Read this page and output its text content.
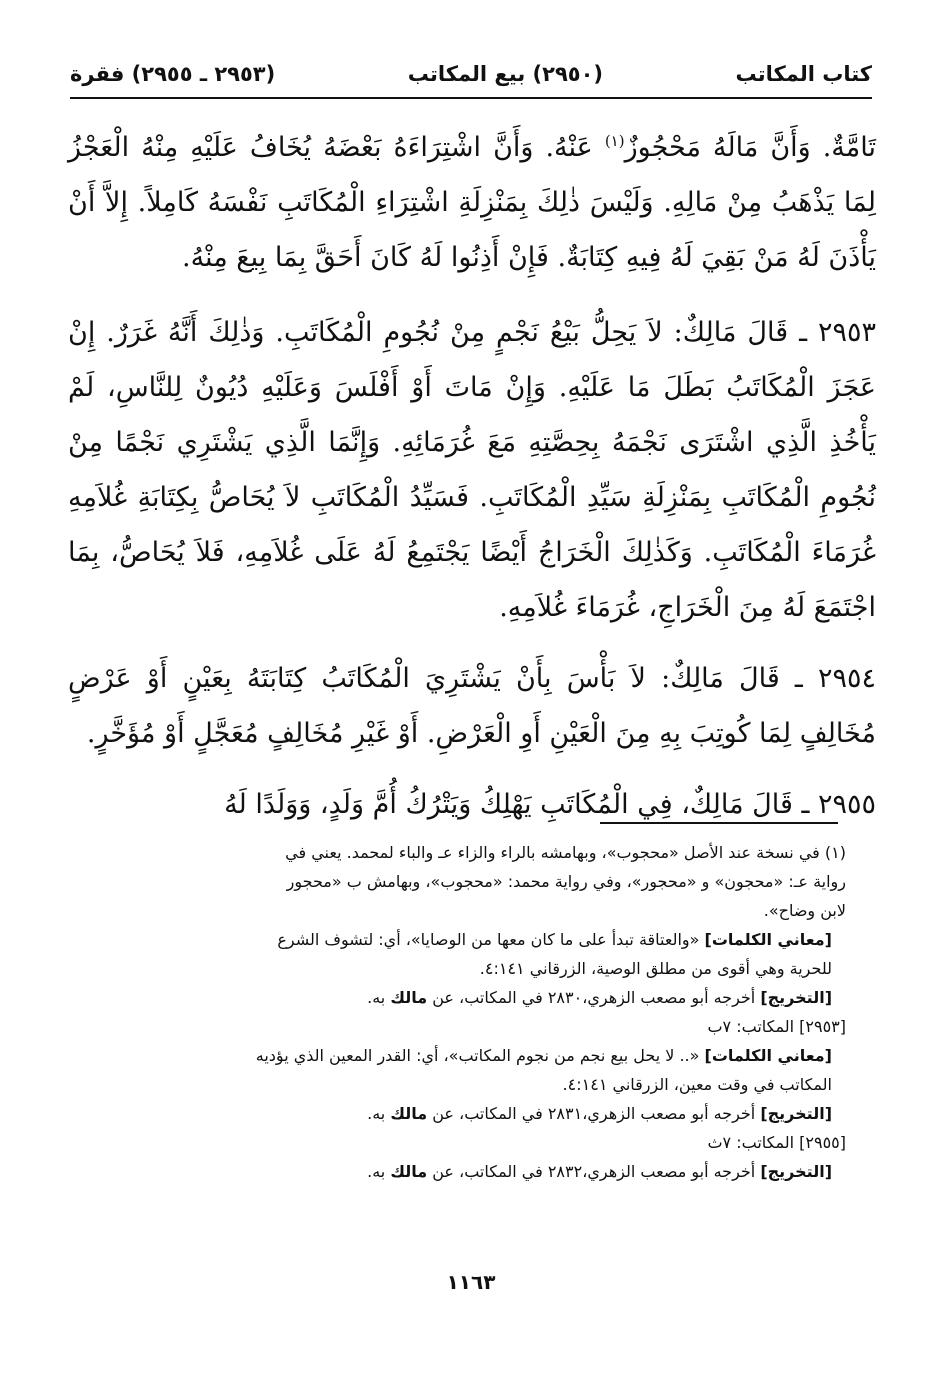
كتاب المكاتب
(٢٩٥٠) بيع المكاتب
(٢٩٥٣ ـ ٢٩٥٥) فقرة

تَامَّةٌ. وَأَنَّ مَالَهُ مَحْجُوزٌ$^{(١)}$ عَنْهُ. وَأَنَّ اشْتِرَاءَهُ بَعْضَهُ يُخَافُ عَلَيْهِ مِنْهُ الْعَجْزُ لِمَا يَذْهَبُ مِنْ مَالِهِ. وَلَيْسَ ذٰلِكَ بِمَنْزِلَةِ اشْتِرَاءِ الْمُكَاتَبِ نَفْسَهُ كَامِلاً. إِلاَّ أَنْ يَأْذَنَ لَهُ مَنْ بَقِيَ لَهُ فِيهِ كِتَابَةٌ. فَإِنْ أَذِنُوا لَهُ كَانَ أَحَقَّ بِمَا بِيعَ مِنْهُ.

٢٩٥٣ ـ قَالَ مَالِكٌ: لاَ يَحِلُّ بَيْعُ نَجْمٍ مِنْ نُجُومِ الْمُكَاتَبِ. وَذٰلِكَ أَنَّهُ غَرَرٌ. إِنْ عَجَزَ الْمُكَاتَبُ بَطَلَ مَا عَلَيْهِ. وَإِنْ مَاتَ أَوْ أَفْلَسَ وَعَلَيْهِ دُيُونٌ لِلنَّاسِ، لَمْ يَأْخُذِ الَّذِي اشْتَرَى نَجْمَهُ بِحِصَّتِهِ مَعَ غُرَمَائِهِ. وَإِنَّمَا الَّذِي يَشْتَرِي نَجْمًا مِنْ نُجُومِ الْمُكَاتَبِ بِمَنْزِلَةِ سَيِّدِ الْمُكَاتَبِ. فَسَيِّدُ الْمُكَاتَبِ لاَ يُحَاصُّ بِكِتَابَةِ غُلاَمِهِ غُرَمَاءَ الْمُكَاتَبِ. وَكَذٰلِكَ الْخَرَاجُ أَيْضًا يَجْتَمِعُ لَهُ عَلَى غُلاَمِهِ، فَلاَ يُحَاصُّ، بِمَا اجْتَمَعَ لَهُ مِنَ الْخَرَاجِ، غُرَمَاءَ غُلاَمِهِ.

٢٩٥٤ ـ قَالَ مَالِكٌ: لاَ بَأْسَ بِأَنْ يَشْتَرِيَ الْمُكَاتَبُ كِتَابَتَهُ بِعَيْنٍ أَوْ عَرْضٍ مُخَالِفٍ لِمَا كُوتِبَ بِهِ مِنَ الْعَيْنِ أَوِ الْعَرْضِ. أَوْ غَيْرِ مُخَالِفٍ مُعَجَّلٍ أَوْ مُؤَخَّرٍ.

٢٩٥٥ ـ قَالَ مَالِكٌ، فِي الْمُكَاتَبِ يَهْلِكُ وَيَتْرُكُ أُمَّ وَلَدٍ، وَوَلَدًا لَهُ

(١) في نسخة عند الأصل «محجوب»، وبهامشه بالراء والزاء عـ والباء لمحمد. يعني في
رواية عـ: «محجون» و «محجور»، وفي رواية محمد: «محجوب»، وبهامش ب «محجور
لابن وضاح».
[معاني الكلمات] «والعتاقة تبدأ على ما كان معها من الوصايا»، أي: لتشوف الشرع
للحرية وهي أقوى من مطلق الوصية، الزرقاني ٤:١٤١.
[التخريج] أخرجه أبو مصعب الزهري،٢٨٣٠ في المكاتب، عن مالك به.
[٢٩٥٣] المكاتب: ٧ب
[معاني الكلمات] «.. لا يحل بيع نجم من نجوم المكاتب»، أي: القدر المعين الذي يؤديه
المكاتب في وقت معين، الزرقاني ٤:١٤١.
[التخريج] أخرجه أبو مصعب الزهري،٢٨٣١ في المكاتب، عن مالك به.
[٢٩٥٥] المكاتب: ٧ث
[التخريج] أخرجه أبو مصعب الزهري،٢٨٣٢ في المكاتب، عن مالك به.
١١٦٣
